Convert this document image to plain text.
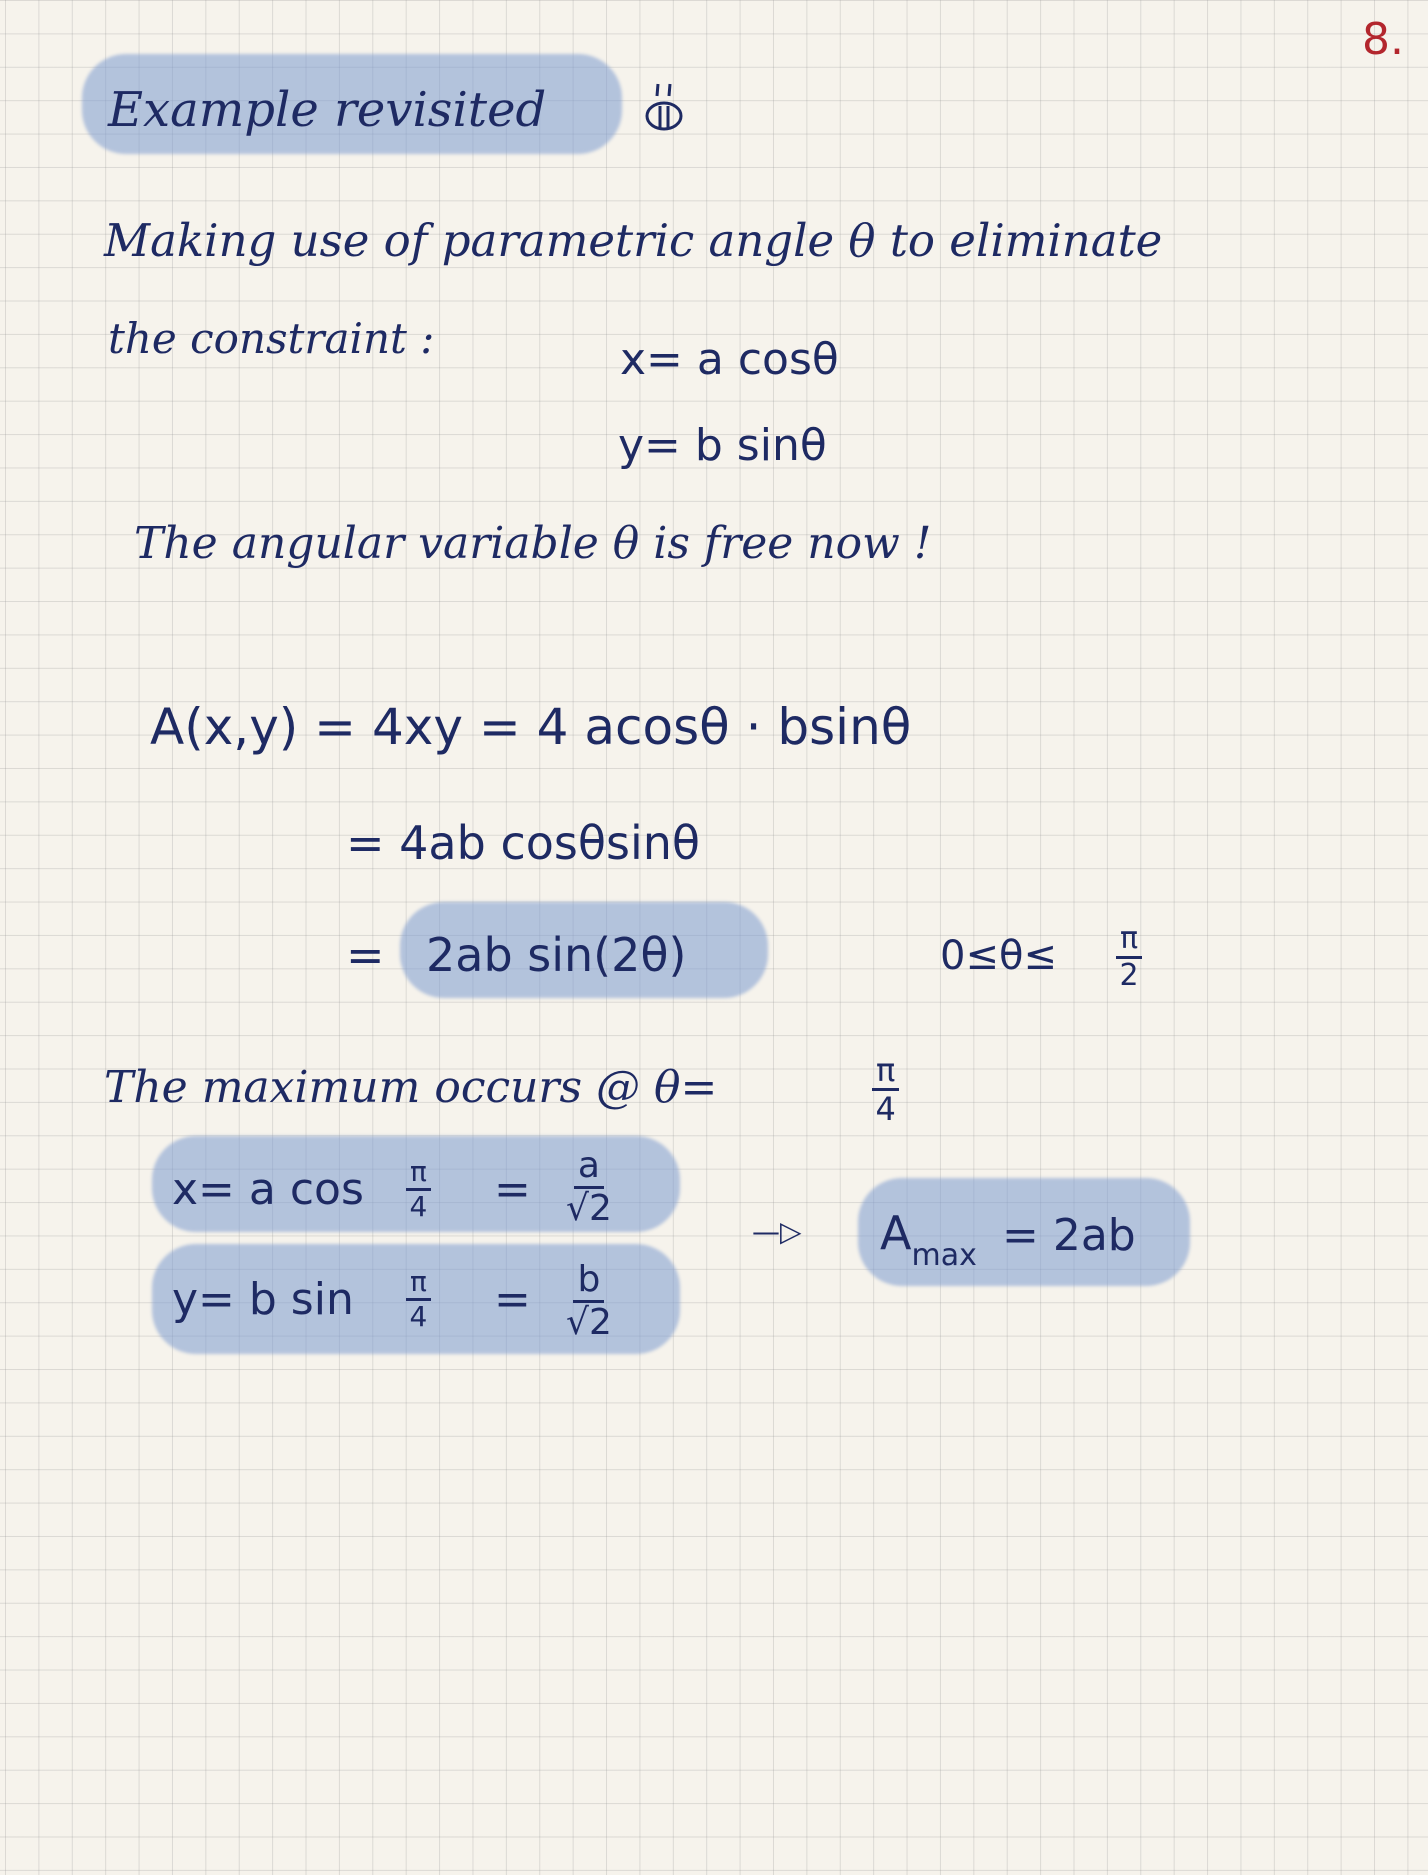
8.
Example revisited
Making use of parametric angle θ to eliminate
the constraint :	x= a cosθ
y= b sinθ
The angular variable θ is free now !
A(x,y) = 4xy = 4 acosθ · bsinθ
= 4ab cosθsinθ
= 2ab sin(2θ)	$0\le\theta\le \frac{\pi}{2}$
The maximum occurs @ θ=	$\frac{\pi}{4}$
x= a $\cos \frac{\pi}{4} = \frac{a}{√2}$
y= b $\sin \frac{\pi}{4} = \frac{b}{√2}$
—▷ $A_{max} = 2ab$
